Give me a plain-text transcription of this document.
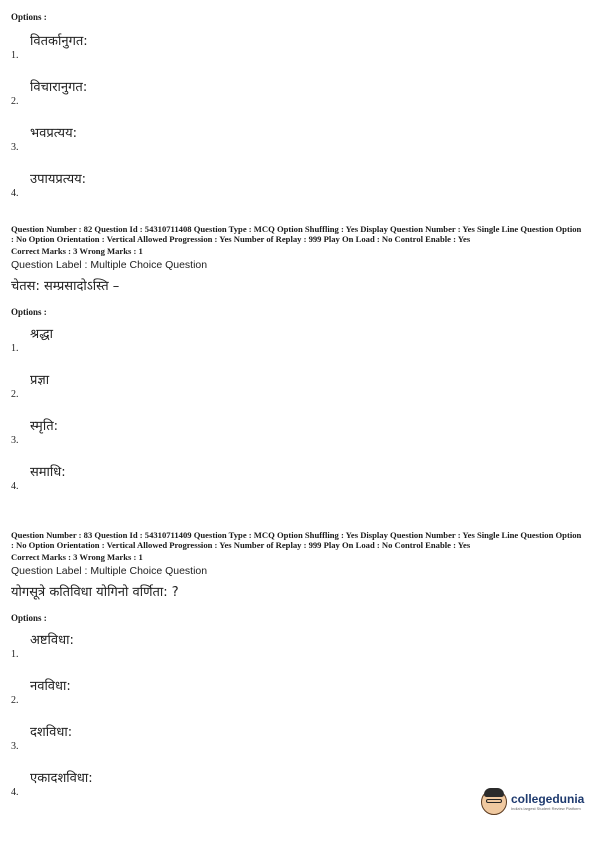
Options :

1.
वितर्कानुगत:
2.
विचारानुगत:
3.
भवप्रत्यय:
4.
उपायप्रत्यय:

Question Number : 82 Question Id : 54310711408 Question Type : MCQ Option Shuffling : Yes Display Question Number : Yes Single Line Question Option : No Option Orientation : Vertical Allowed Progression : Yes Number of Replay : 999 Play On Load : No Control Enable : Yes

Correct Marks : 3 Wrong Marks : 1

Question Label : Multiple Choice Question

चेतस: सम्प्रसादोऽस्ति –

Options :

1.
श्रद्धा
2.
प्रज्ञा
3.
स्मृति:
4.
समाधि:

Question Number : 83 Question Id : 54310711409 Question Type : MCQ Option Shuffling : Yes Display Question Number : Yes Single Line Question Option : No Option Orientation : Vertical Allowed Progression : Yes Number of Replay : 999 Play On Load : No Control Enable : Yes

Correct Marks : 3 Wrong Marks : 1

Question Label : Multiple Choice Question

योगसूत्रे कतिविधा योगिनो वर्णिता: ?

Options :

1.
अष्टविधा:
2.
नवविधा:
3.
दशविधा:
4.
एकादशविधा:
collegedunia
India's largest Student Review Platform
